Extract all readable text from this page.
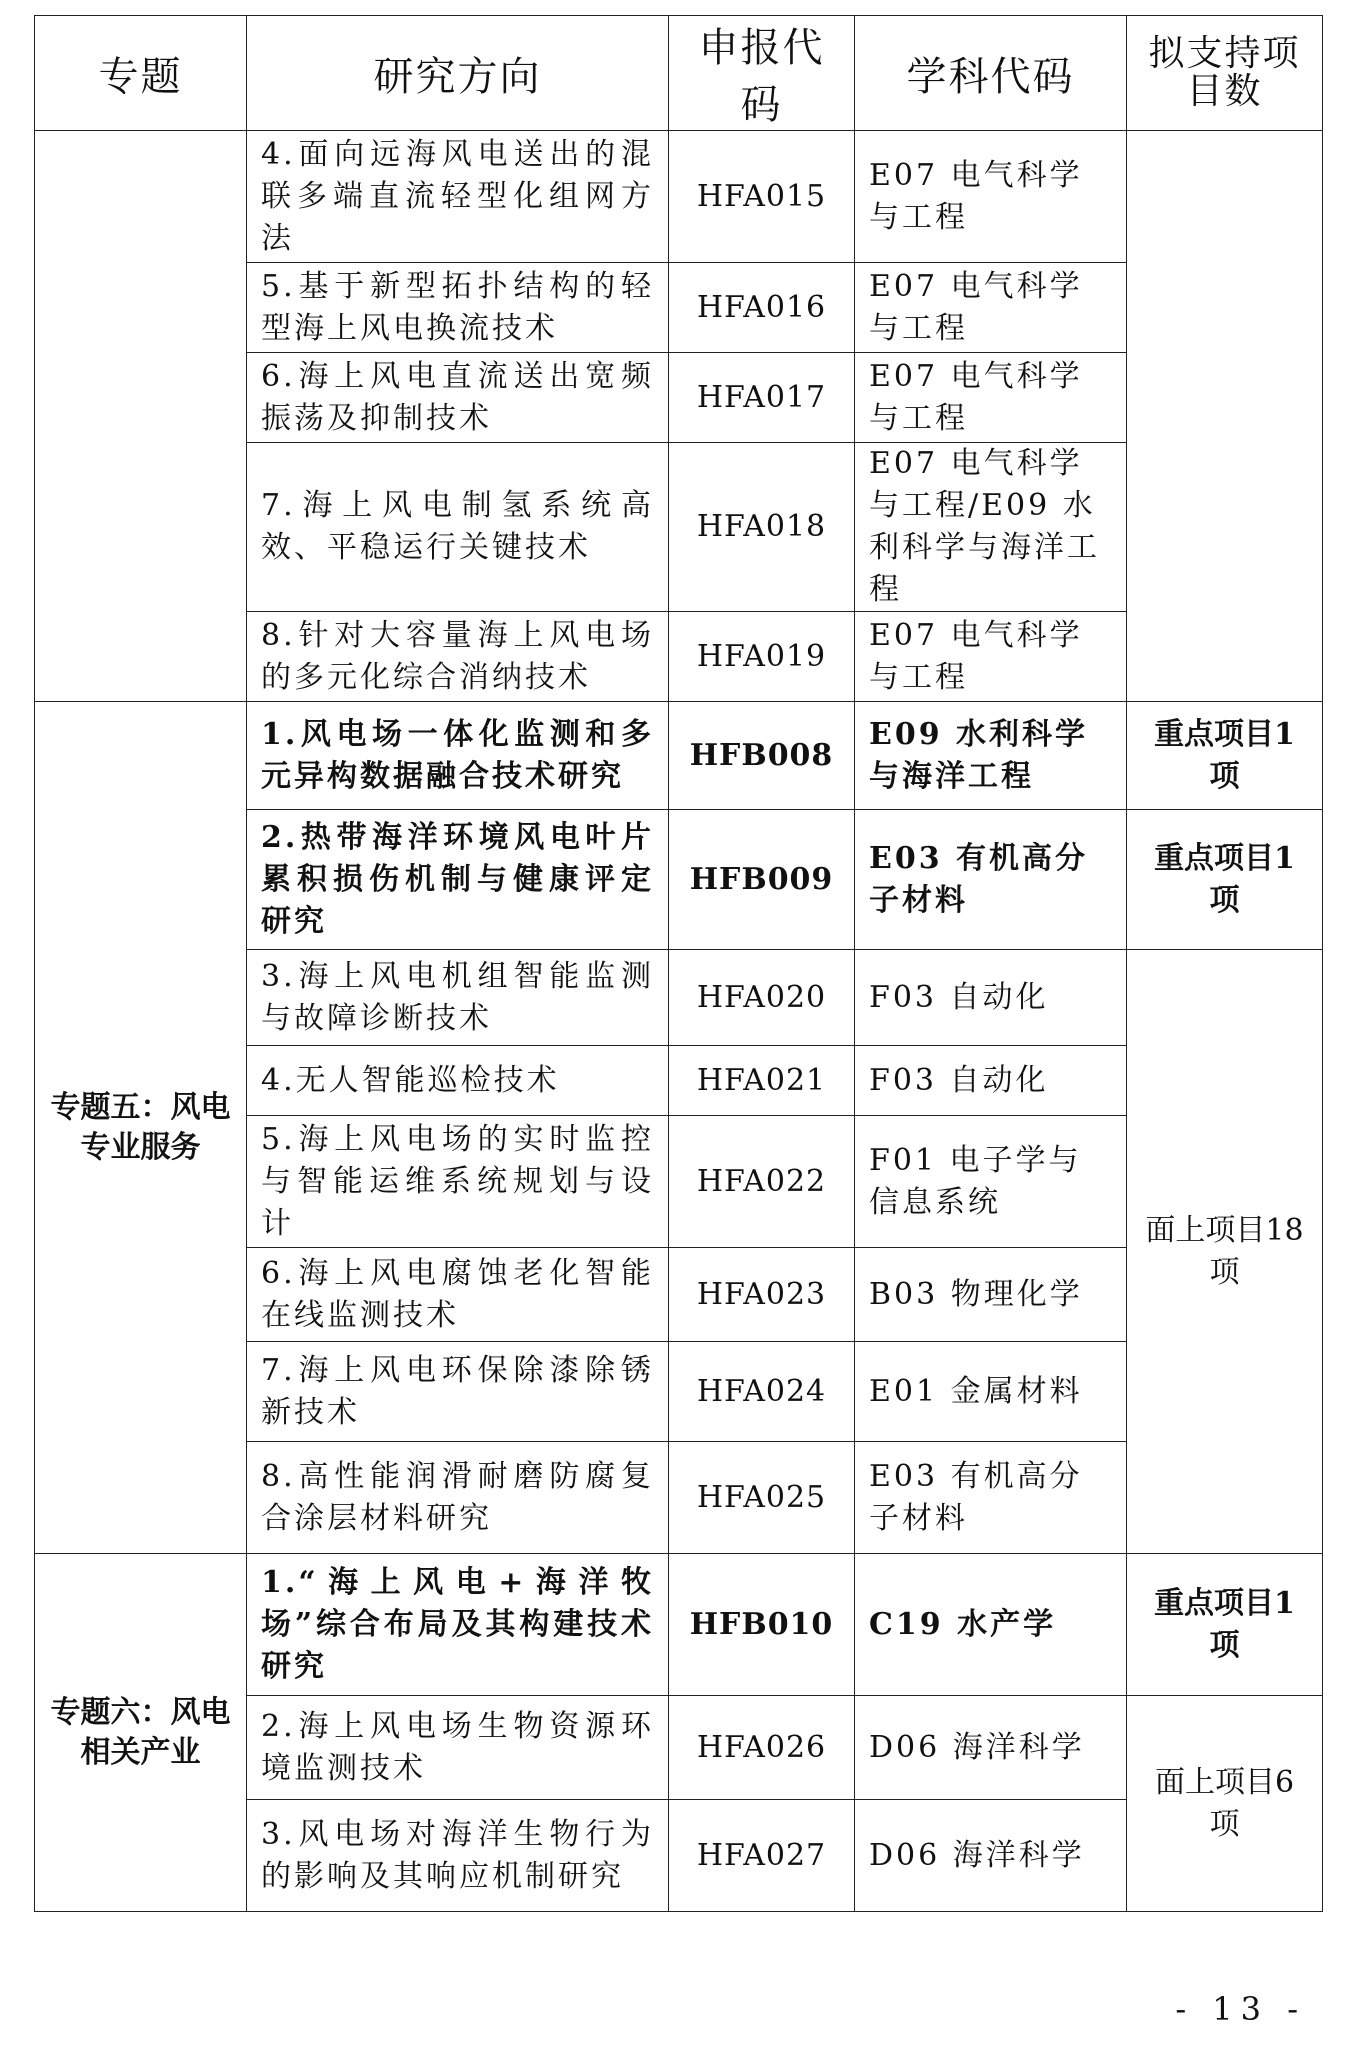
专题	研究方向	申报代码	学科代码	拟支持项目数

	4.面向远海风电送出的混联多端直流轻型化组网方法	HFA015	E07 电气科学与工程	
	5.基于新型拓扑结构的轻型海上风电换流技术	HFA016	E07 电气科学与工程	
	6.海上风电直流送出宽频振荡及抑制技术	HFA017	E07 电气科学与工程	
	7.海上风电制氢系统高效、平稳运行关键技术	HFA018	E07 电气科学与工程/E09 水利科学与海洋工程	
	8.针对大容量海上风电场的多元化综合消纳技术	HFA019	E07 电气科学与工程	
专题五：风电专业服务	1.风电场一体化监测和多元异构数据融合技术研究	HFB008	E09 水利科学与海洋工程	重点项目1项
	2.热带海洋环境风电叶片累积损伤机制与健康评定研究	HFB009	E03 有机高分子材料	重点项目1项
	3.海上风电机组智能监测与故障诊断技术	HFA020	F03 自动化	面上项目18项
	4.无人智能巡检技术	HFA021	F03 自动化	
	5.海上风电场的实时监控与智能运维系统规划与设计	HFA022	F01 电子学与信息系统	
	6.海上风电腐蚀老化智能在线监测技术	HFA023	B03 物理化学	
	7.海上风电环保除漆除锈新技术	HFA024	E01 金属材料	
	8.高性能润滑耐磨防腐复合涂层材料研究	HFA025	E03 有机高分子材料	
专题六：风电相关产业	1.“海上风电+海洋牧场”综合布局及其构建技术研究	HFB010	C19 水产学	重点项目1项
	2.海上风电场生物资源环境监测技术	HFA026	D06 海洋科学	面上项目6项
	3.风电场对海洋生物行为的影响及其响应机制研究	HFA027	D06 海洋科学	
- 13 -
